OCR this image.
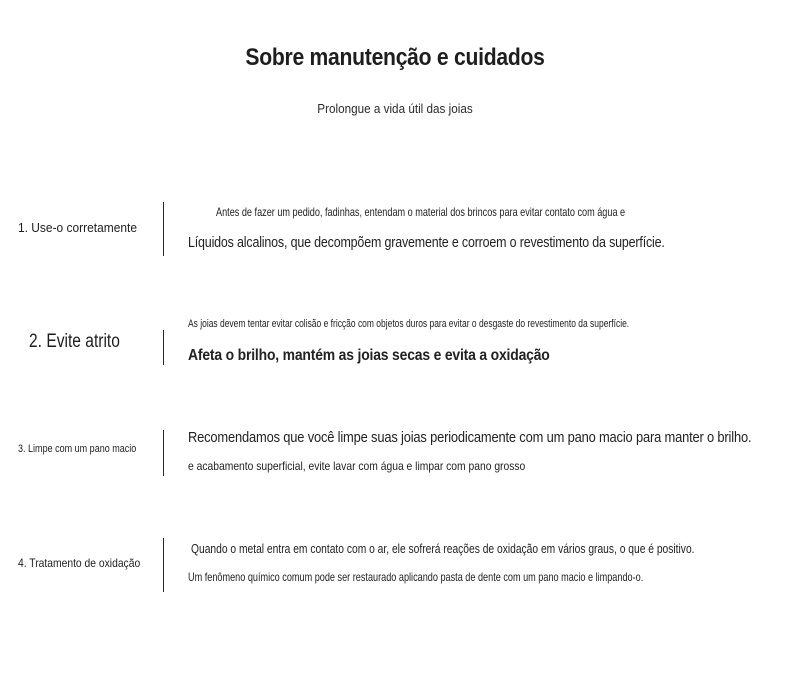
Sobre manutenção e cuidados
Prolongue a vida útil das joias
1. Use-o corretamente
Antes de fazer um pedido, fadinhas, entendam o material dos brincos para evitar contato com água e
Líquidos alcalinos, que decompõem gravemente e corroem o revestimento da superfície.
2. Evite atrito
As joias devem tentar evitar colisão e fricção com objetos duros para evitar o desgaste do revestimento da superfície.
Afeta o brilho, mantém as joias secas e evita a oxidação
3. Limpe com um pano macio
Recomendamos que você limpe suas joias periodicamente com um pano macio para manter o brilho.
e acabamento superficial, evite lavar com água e limpar com pano grosso
4. Tratamento de oxidação
Quando o metal entra em contato com o ar, ele sofrerá reações de oxidação em vários graus, o que é positivo.
Um fenômeno químico comum pode ser restaurado aplicando pasta de dente com um pano macio e limpando-o.
